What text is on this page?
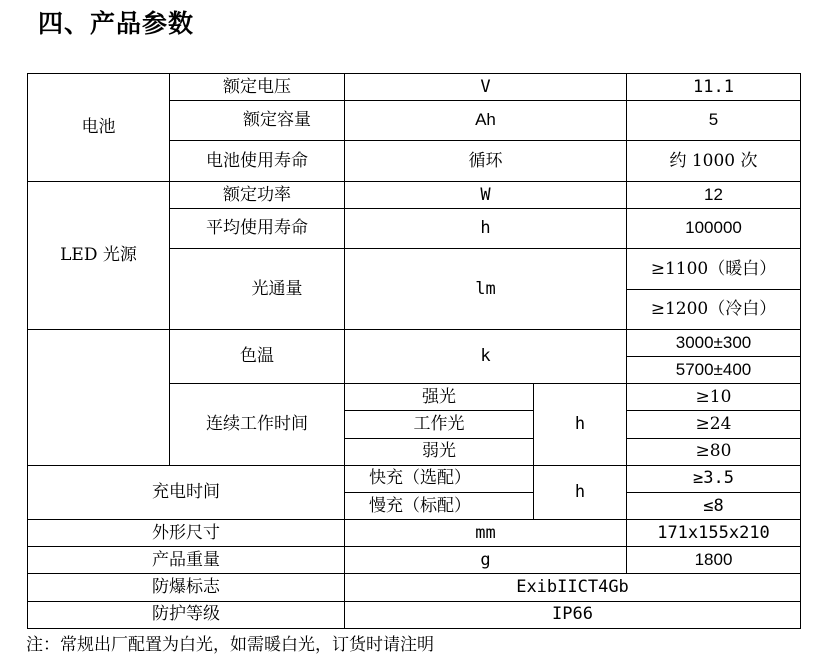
四、产品参数
电池	额定电压	V		11.1
	额定容量	Ah		5
	电池使用寿命	循环		约 1000 次
LED 光源	额定功率	W		12
	平均使用寿命	h		100000
	光通量	lm		≥1100（暖白）
				≥1200（冷白）
	色温	k		3000±300
				5700±400
	连续工作时间	强光	h	≥10
		工作光		≥24
		弱光		≥80
充电时间		快充（选配）	h	≥3.5
		慢充（标配）		≤8
外形尺寸		mm		171x155x210
产品重量		g		1800
防爆标志		ExibIICT4Gb		
防护等级		IP66		
注：常规出厂配置为白光，如需暖白光，订货时请注明
